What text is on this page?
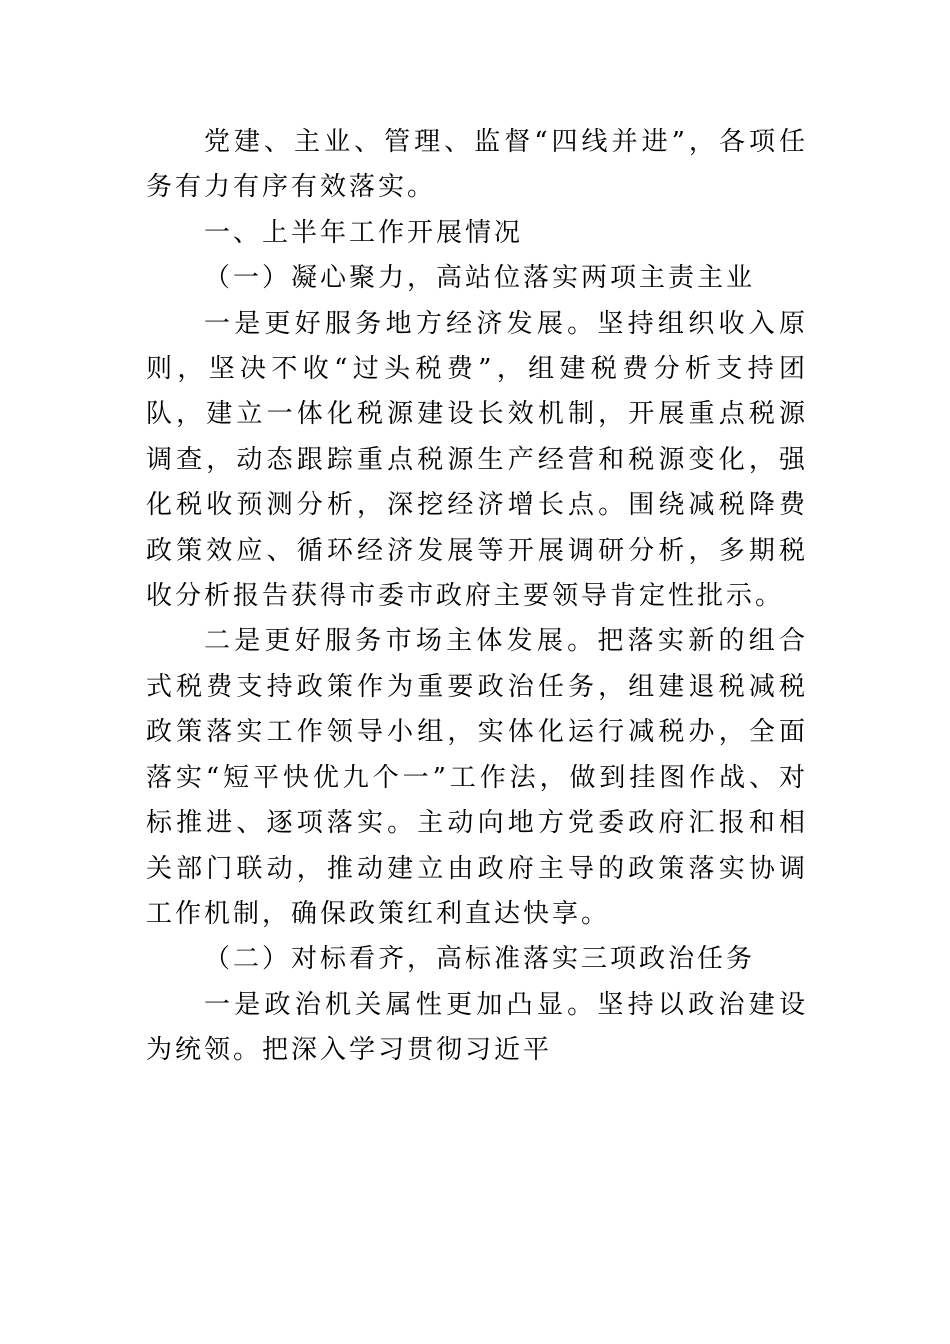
党建、主业、管理、监督“四线并进”，各项任务有力有序有效落实。

一、上半年工作开展情况

（一）凝心聚力，高站位落实两项主责主业

一是更好服务地方经济发展。坚持组织收入原则，坚决不收“过头税费”，组建税费分析支持团队，建立一体化税源建设长效机制，开展重点税源调查，动态跟踪重点税源生产经营和税源变化，强化税收预测分析，深挖经济增长点。围绕减税降费政策效应、循环经济发展等开展调研分析，多期税收分析报告获得市委市政府主要领导肯定性批示。

二是更好服务市场主体发展。把落实新的组合式税费支持政策作为重要政治任务，组建退税减税政策落实工作领导小组，实体化运行减税办，全面落实“短平快优九个一”工作法，做到挂图作战、对标推进、逐项落实。主动向地方党委政府汇报和相关部门联动，推动建立由政府主导的政策落实协调工作机制，确保政策红利直达快享。

（二）对标看齐，高标准落实三项政治任务

一是政治机关属性更加凸显。坚持以政治建设为统领。把深入学习贯彻习近平
